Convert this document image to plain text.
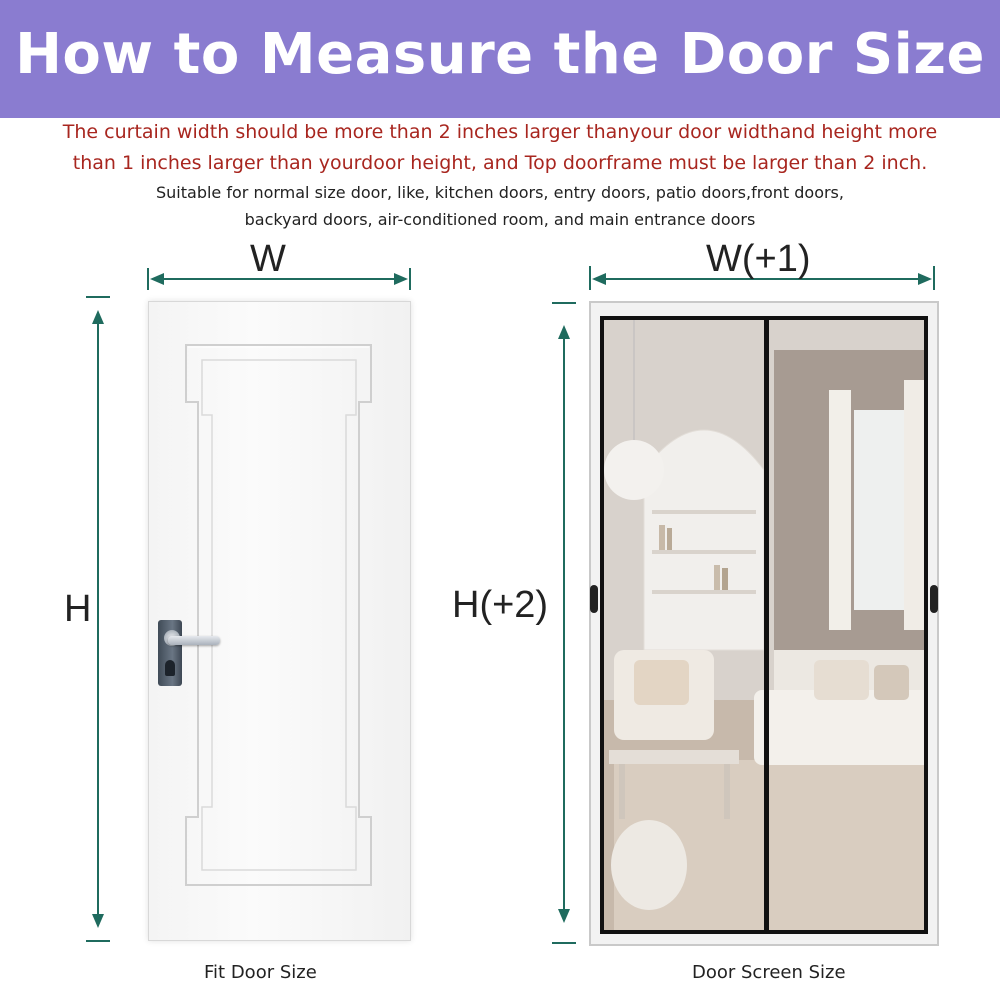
How to Measure the Door Size
The curtain width should be more than 2 inches larger thanyour door widthand height more
than 1 inches larger than yourdoor height, and Top doorframe must be larger than 2 inch.
Suitable for normal size door, like, kitchen doors, entry doors, patio doors,front doors,
backyard doors, air-conditioned room, and main entrance doors
W
H
W(+1)
H(+2)
Fit Door Size	Door Screen Size
